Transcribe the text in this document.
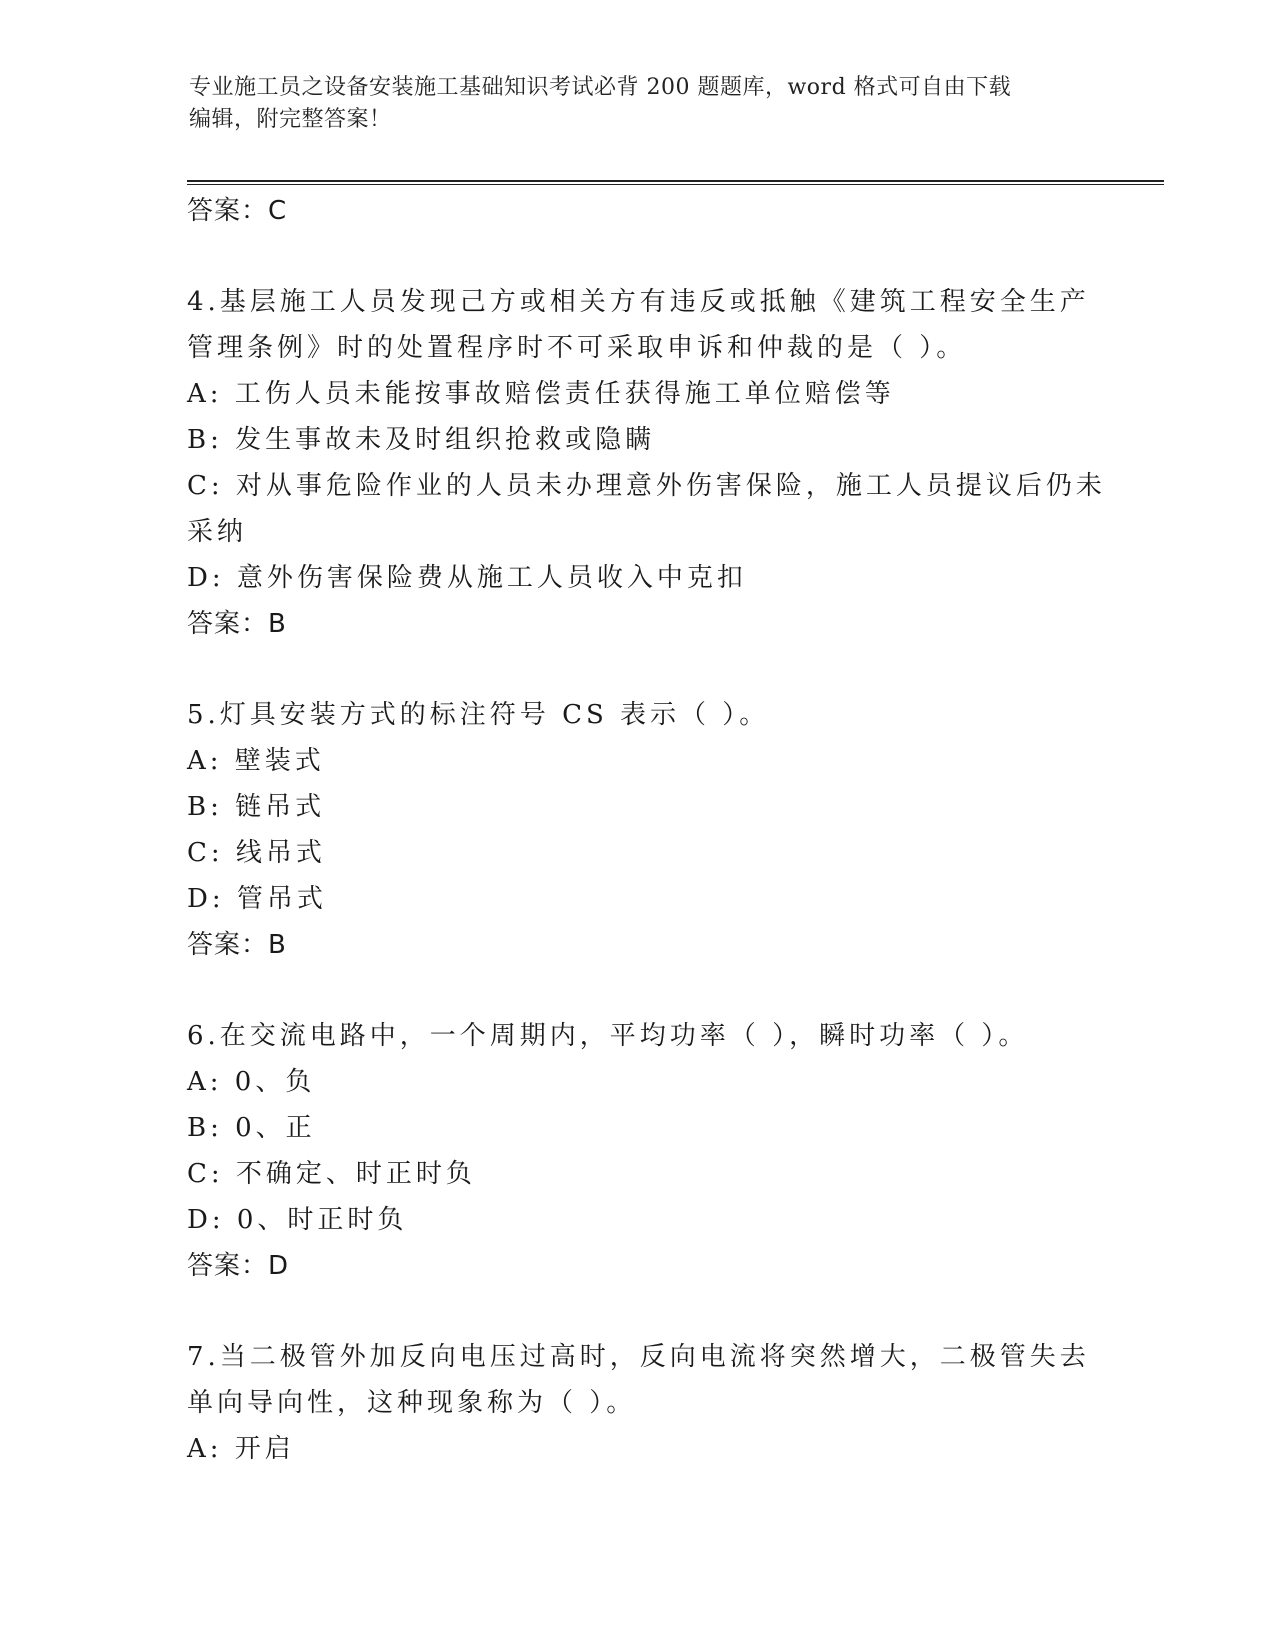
专业施工员之设备安装施工基础知识考试必背 200 题题库，word 格式可自由下载
编辑，附完整答案！
答案：C
4.基层施工人员发现己方或相关方有违反或抵触《建筑工程安全生产
管理条例》时的处置程序时不可采取申诉和仲裁的是（ ）。
A: 工伤人员未能按事故赔偿责任获得施工单位赔偿等
B: 发生事故未及时组织抢救或隐瞒
C: 对从事危险作业的人员未办理意外伤害保险，施工人员提议后仍未
采纳
D: 意外伤害保险费从施工人员收入中克扣
答案：B
5.灯具安装方式的标注符号 CS 表示（ ）。
A: 壁装式
B: 链吊式
C: 线吊式
D: 管吊式
答案：B
6.在交流电路中，一个周期内，平均功率（ ），瞬时功率（ ）。
A: 0、负
B: 0、正
C: 不确定、时正时负
D: 0、时正时负
答案：D
7.当二极管外加反向电压过高时，反向电流将突然增大，二极管失去
单向导向性，这种现象称为（ ）。
A: 开启
